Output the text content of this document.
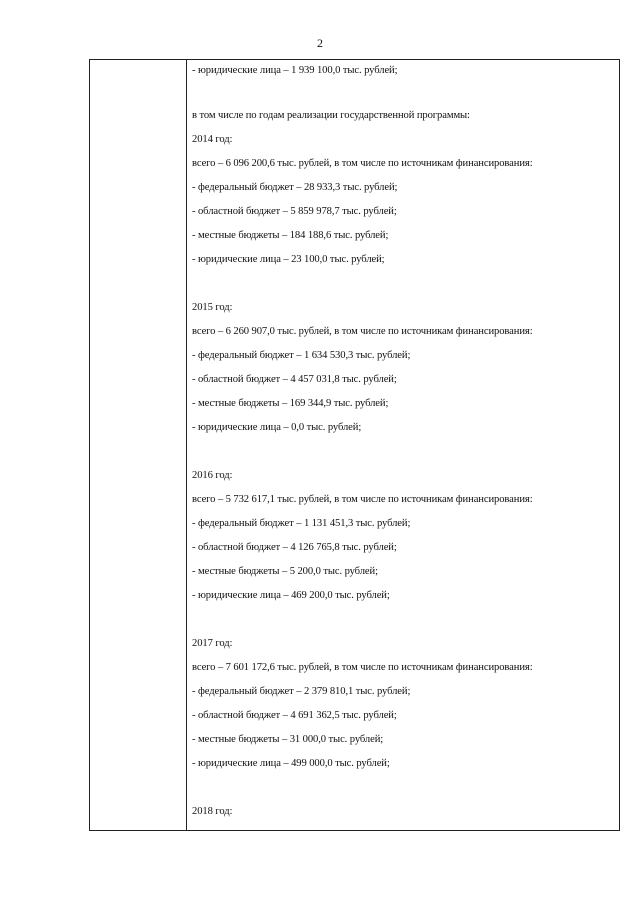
2
- юридические лица – 1 939 100,0 тыс. рублей;
в том числе по годам реализации государственной программы:
2014 год:
всего – 6 096 200,6 тыс. рублей, в том числе по источникам финансирования:
- федеральный бюджет – 28 933,3 тыс. рублей;
- областной бюджет – 5 859 978,7 тыс. рублей;
- местные бюджеты – 184 188,6 тыс. рублей;
- юридические лица – 23 100,0 тыс. рублей;
2015 год:
всего – 6 260 907,0 тыс. рублей, в том числе по источникам финансирования:
- федеральный бюджет – 1 634 530,3 тыс. рублей;
- областной бюджет – 4 457 031,8 тыс. рублей;
- местные бюджеты – 169 344,9 тыс. рублей;
- юридические лица – 0,0 тыс. рублей;
2016 год:
всего – 5 732 617,1 тыс. рублей, в том числе по источникам финансирования:
- федеральный бюджет – 1 131 451,3 тыс. рублей;
- областной бюджет – 4 126 765,8 тыс. рублей;
- местные бюджеты – 5 200,0 тыс. рублей;
- юридические лица – 469 200,0 тыс. рублей;
2017 год:
всего – 7 601 172,6 тыс. рублей, в том числе по источникам финансирования:
- федеральный бюджет – 2 379 810,1 тыс. рублей;
- областной бюджет – 4 691 362,5 тыс. рублей;
- местные бюджеты – 31 000,0 тыс. рублей;
- юридические лица – 499 000,0 тыс. рублей;
2018 год:
